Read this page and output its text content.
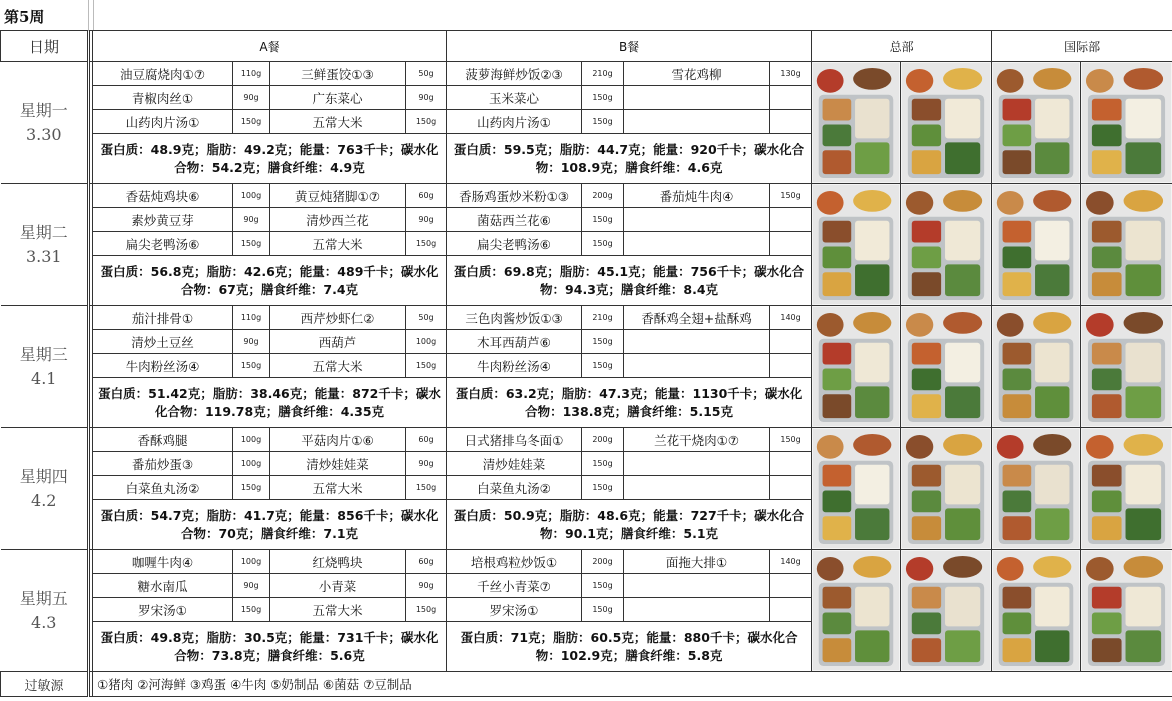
第5周
日期		A餐				B餐				总部		国际部	

星期一
3.30		油豆腐烧肉①⑦	110g	三鲜蛋饺①③	50g	菠萝海鲜炒饭②③	210g	雪花鸡柳	130g	

		青椒肉丝①	90g	广东菜心	90g	玉米菜心	150g						
		山药肉片汤①	150g	五常大米	150g	山药肉片汤①	150g						
		蛋白质：48.9克；脂肪：49.2克；能量：763千卡；碳水化合物：54.2克；膳食纤维：4.9克				蛋白质：59.5克；脂肪：44.7克；能量：920千卡；碳水化合物：108.9克；膳食纤维：4.6克							

星期二
3.31		香菇炖鸡块⑥	100g	黄豆炖猪脚①⑦	60g	香肠鸡蛋炒米粉①③	200g	番茄炖牛肉④	150g	

		素炒黄豆芽	90g	清炒西兰花	90g	菌菇西兰花⑥	150g						
		扁尖老鸭汤⑥	150g	五常大米	150g	扁尖老鸭汤⑥	150g						
		蛋白质：56.8克；脂肪：42.6克；能量：489千卡；碳水化合物：67克；膳食纤维：7.4克				蛋白质：69.8克；脂肪：45.1克；能量：756千卡；碳水化合物：94.3克；膳食纤维：8.4克							

星期三
4.1		茄汁排骨①	110g	西芹炒虾仁②	50g	三色肉酱炒饭①③	210g	香酥鸡全翅+盐酥鸡	140g	

		清炒土豆丝	90g	西葫芦	100g	木耳西葫芦⑥	150g						
		牛肉粉丝汤④	150g	五常大米	150g	牛肉粉丝汤④	150g						
		蛋白质：51.42克；脂肪：38.46克；能量：872千卡；碳水化合物：119.78克；膳食纤维：4.35克				蛋白质：63.2克；脂肪：47.3克；能量：1130千卡；碳水化合物：138.8克；膳食纤维：5.15克							

星期四
4.2		香酥鸡腿	100g	平菇肉片①⑥	60g	日式猪排乌冬面①	200g	兰花干烧肉①⑦	150g	

		番茄炒蛋③	100g	清炒娃娃菜	90g	清炒娃娃菜	150g						
		白菜鱼丸汤②	150g	五常大米	150g	白菜鱼丸汤②	150g						
		蛋白质：54.7克；脂肪：41.7克；能量：856千卡；碳水化合物：70克；膳食纤维：7.1克				蛋白质：50.9克；脂肪：48.6克；能量：727千卡；碳水化合物：90.1克；膳食纤维：5.1克							

星期五
4.3		咖喱牛肉④	100g	红烧鸭块	60g	培根鸡粒炒饭①	200g	面拖大排①	140g	

		糖水南瓜	90g	小青菜	90g	千丝小青菜⑦	150g						
		罗宋汤①	150g	五常大米	150g	罗宋汤①	150g						
		蛋白质：49.8克；脂肪：30.5克；能量：731千卡；碳水化合物：73.8克；膳食纤维：5.6克				蛋白质：71克；脂肪：60.5克；能量：880千卡；碳水化合物：102.9克；膳食纤维：5.8克							
过敏源		①猪肉 ②河海鲜 ③鸡蛋 ④牛肉 ⑤奶制品 ⑥菌菇 ⑦豆制品											
